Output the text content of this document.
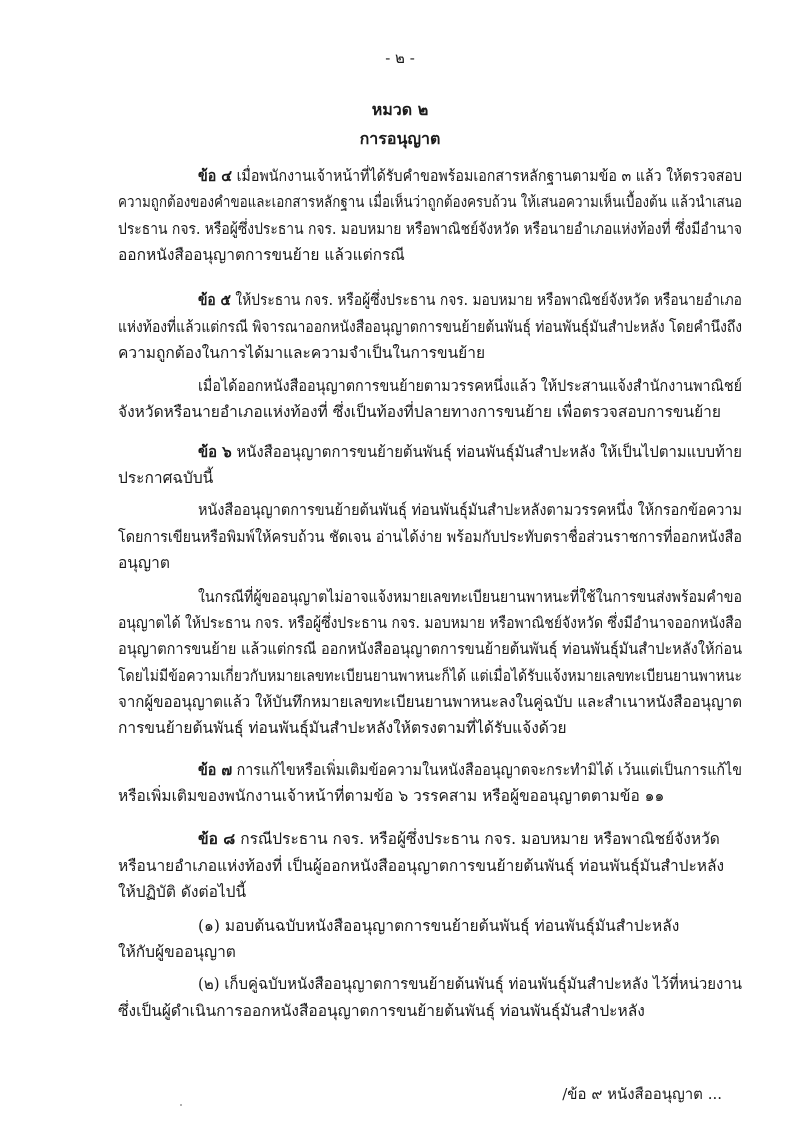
- ๒ -
หมวด ๒
การอนุญาต
ข้อ ๔ เมื่อพนักงานเจ้าหน้าที่ได้รับคำขอพร้อมเอกสารหลักฐานตามข้อ ๓ แล้ว ให้ตรวจสอบ
ความถูกต้องของคำขอและเอกสารหลักฐาน เมื่อเห็นว่าถูกต้องครบถ้วน ให้เสนอความเห็นเบื้องต้น แล้วนำเสนอ
ประธาน กจร. หรือผู้ซึ่งประธาน กจร. มอบหมาย หรือพาณิชย์จังหวัด หรือนายอำเภอแห่งท้องที่ ซึ่งมีอำนาจ
ออกหนังสืออนุญาตการขนย้าย แล้วแต่กรณี
ข้อ ๕ ให้ประธาน กจร. หรือผู้ซึ่งประธาน กจร. มอบหมาย หรือพาณิชย์จังหวัด หรือนายอำเภอ
แห่งท้องที่แล้วแต่กรณี พิจารณาออกหนังสืออนุญาตการขนย้ายต้นพันธุ์ ท่อนพันธุ์มันสำปะหลัง โดยคำนึงถึง
ความถูกต้องในการได้มาและความจำเป็นในการขนย้าย
เมื่อได้ออกหนังสืออนุญาตการขนย้ายตามวรรคหนึ่งแล้ว ให้ประสานแจ้งสำนักงานพาณิชย์
จังหวัดหรือนายอำเภอแห่งท้องที่ ซึ่งเป็นท้องที่ปลายทางการขนย้าย เพื่อตรวจสอบการขนย้าย
ข้อ ๖ หนังสืออนุญาตการขนย้ายต้นพันธุ์ ท่อนพันธุ์มันสำปะหลัง ให้เป็นไปตามแบบท้าย
ประกาศฉบับนี้
หนังสืออนุญาตการขนย้ายต้นพันธุ์ ท่อนพันธุ์มันสำปะหลังตามวรรคหนึ่ง ให้กรอกข้อความ
โดยการเขียนหรือพิมพ์ให้ครบถ้วน ชัดเจน อ่านได้ง่าย พร้อมกับประทับตราชื่อส่วนราชการที่ออกหนังสือ
อนุญาต
ในกรณีที่ผู้ขออนุญาตไม่อาจแจ้งหมายเลขทะเบียนยานพาหนะที่ใช้ในการขนส่งพร้อมคำขอ
อนุญาตได้ ให้ประธาน กจร. หรือผู้ซึ่งประธาน กจร. มอบหมาย หรือพาณิชย์จังหวัด ซึ่งมีอำนาจออกหนังสือ
อนุญาตการขนย้าย แล้วแต่กรณี ออกหนังสืออนุญาตการขนย้ายต้นพันธุ์ ท่อนพันธุ์มันสำปะหลังให้ก่อน
โดยไม่มีข้อความเกี่ยวกับหมายเลขทะเบียนยานพาหนะก็ได้ แต่เมื่อได้รับแจ้งหมายเลขทะเบียนยานพาหนะ
จากผู้ขออนุญาตแล้ว ให้บันทึกหมายเลขทะเบียนยานพาหนะลงในคู่ฉบับ และสำเนาหนังสืออนุญาต
การขนย้ายต้นพันธุ์ ท่อนพันธุ์มันสำปะหลังให้ตรงตามที่ได้รับแจ้งด้วย
ข้อ ๗ การแก้ไขหรือเพิ่มเติมข้อความในหนังสืออนุญาตจะกระทำมิได้ เว้นแต่เป็นการแก้ไข
หรือเพิ่มเติมของพนักงานเจ้าหน้าที่ตามข้อ ๖ วรรคสาม หรือผู้ขออนุญาตตามข้อ ๑๑
ข้อ ๘ กรณีประธาน กจร. หรือผู้ซึ่งประธาน กจร. มอบหมาย หรือพาณิชย์จังหวัด
หรือนายอำเภอแห่งท้องที่ เป็นผู้ออกหนังสืออนุญาตการขนย้ายต้นพันธุ์ ท่อนพันธุ์มันสำปะหลัง
ให้ปฏิบัติ ดังต่อไปนี้
(๑) มอบต้นฉบับหนังสืออนุญาตการขนย้ายต้นพันธุ์ ท่อนพันธุ์มันสำปะหลัง
ให้กับผู้ขออนุญาต
(๒) เก็บคู่ฉบับหนังสืออนุญาตการขนย้ายต้นพันธุ์ ท่อนพันธุ์มันสำปะหลัง ไว้ที่หน่วยงาน
ซึ่งเป็นผู้ดำเนินการออกหนังสืออนุญาตการขนย้ายต้นพันธุ์ ท่อนพันธุ์มันสำปะหลัง
/ข้อ ๙ หนังสืออนุญาต ...
